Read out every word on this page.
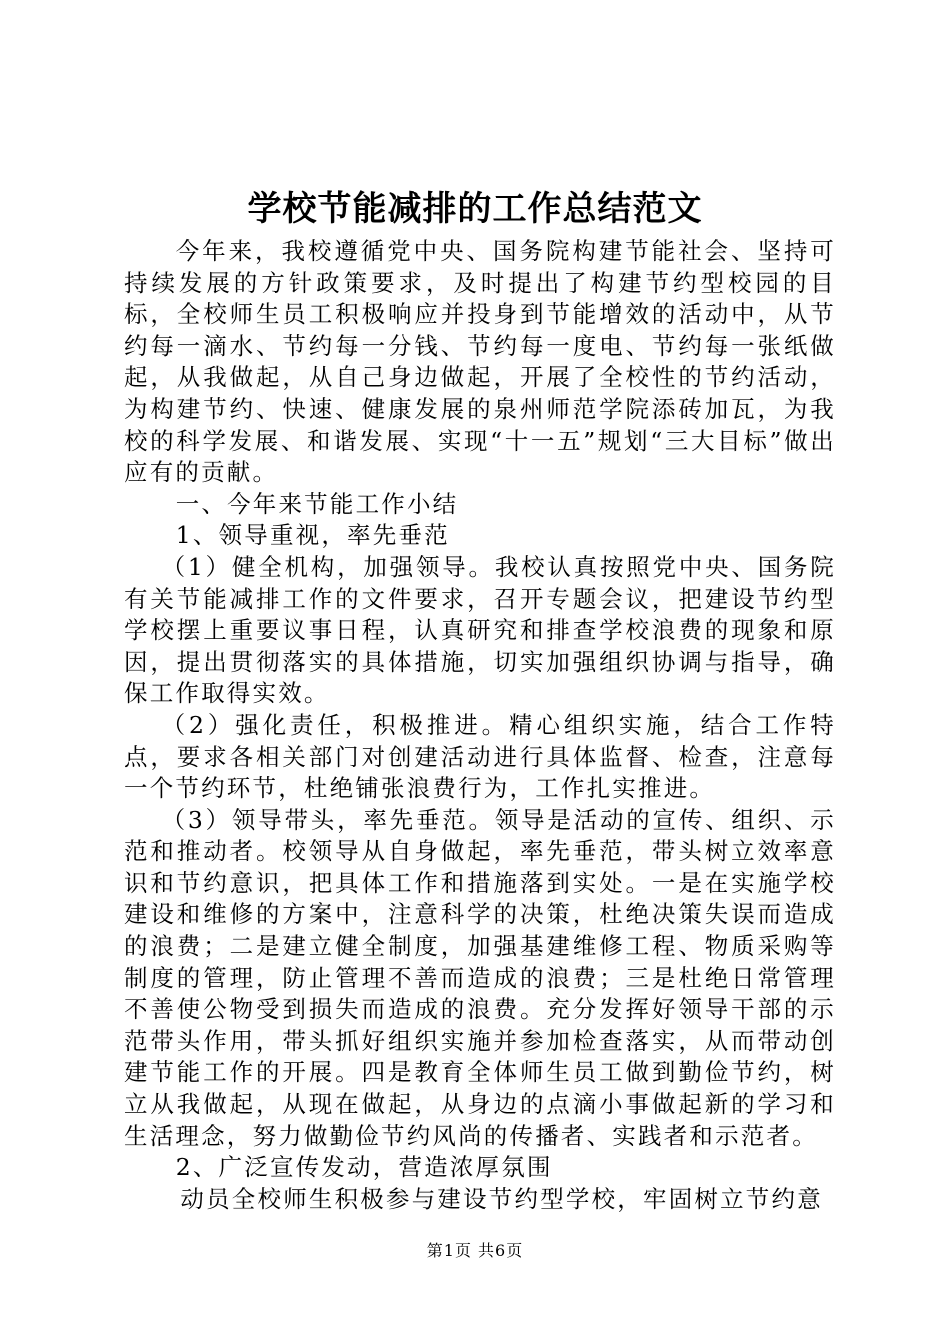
学校节能减排的工作总结范文

今年来，我校遵循党中央、国务院构建节能社会、坚持可持续发展的方针政策要求，及时提出了构建节约型校园的目标，全校师生员工积极响应并投身到节能增效的活动中，从节约每一滴水、节约每一分钱、节约每一度电、节约每一张纸做起，从我做起，从自己身边做起，开展了全校性的节约活动，为构建节约、快速、健康发展的泉州师范学院添砖加瓦，为我校的科学发展、和谐发展、实现“十一五”规划“三大目标”做出应有的贡献。

一、今年来节能工作小结

1、领导重视，率先垂范

（1）健全机构，加强领导。我校认真按照党中央、国务院有关节能减排工作的文件要求，召开专题会议，把建设节约型学校摆上重要议事日程，认真研究和排查学校浪费的现象和原因，提出贯彻落实的具体措施，切实加强组织协调与指导，确保工作取得实效。

（2）强化责任，积极推进。精心组织实施，结合工作特点，要求各相关部门对创建活动进行具体监督、检查，注意每一个节约环节，杜绝铺张浪费行为，工作扎实推进。

（3）领导带头，率先垂范。领导是活动的宣传、组织、示范和推动者。校领导从自身做起，率先垂范，带头树立效率意识和节约意识，把具体工作和措施落到实处。一是在实施学校建设和维修的方案中，注意科学的决策，杜绝决策失误而造成的浪费；二是建立健全制度，加强基建维修工程、物质采购等制度的管理，防止管理不善而造成的浪费；三是杜绝日常管理不善使公物受到损失而造成的浪费。充分发挥好领导干部的示范带头作用，带头抓好组织实施并参加检查落实，从而带动创建节能工作的开展。四是教育全体师生员工做到勤俭节约，树立从我做起，从现在做起，从身边的点滴小事做起新的学习和生活理念，努力做勤俭节约风尚的传播者、实践者和示范者。

2、广泛宣传发动，营造浓厚氛围

动员全校师生积极参与建设节约型学校，牢固树立节约意

第1页 共6页
